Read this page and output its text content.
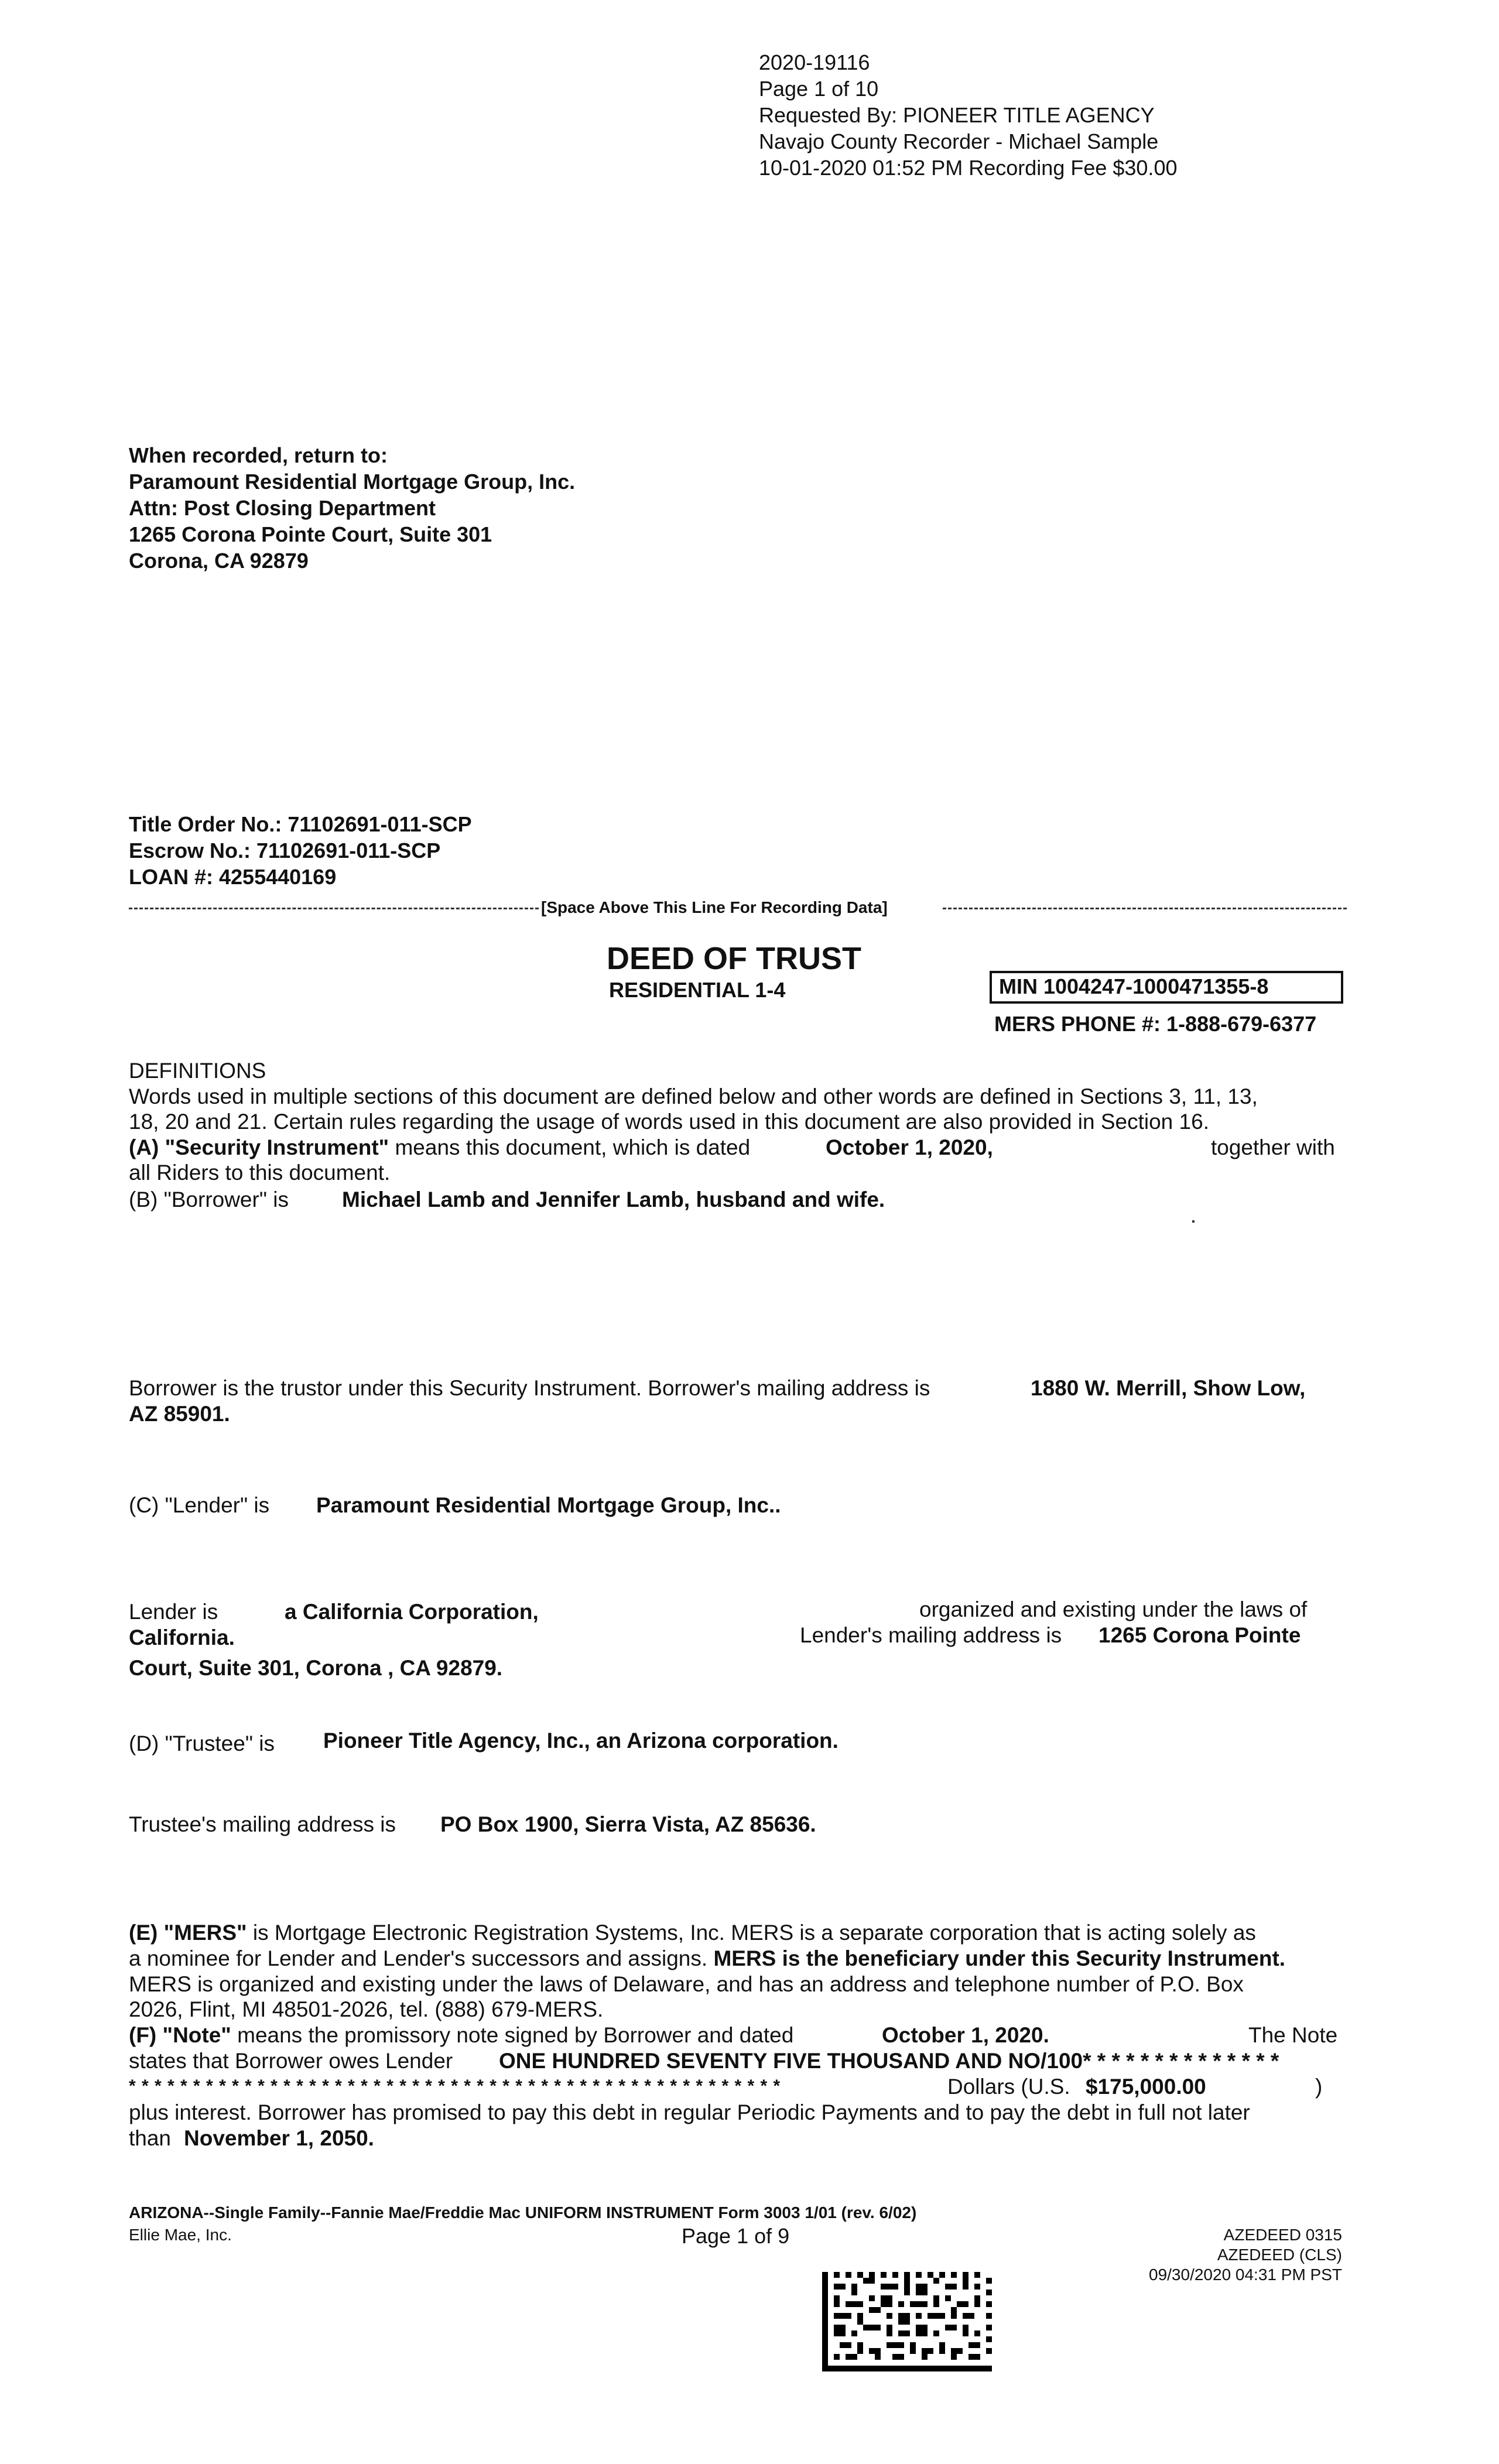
2020-19116
Page 1 of 10
Requested By: PIONEER TITLE AGENCY
Navajo County Recorder - Michael Sample
10-01-2020 01:52 PM Recording Fee $30.00
When recorded, return to:
Paramount Residential Mortgage Group, Inc.
Attn: Post Closing Department
1265 Corona Pointe Court, Suite 301
Corona, CA 92879
Title Order No.: 71102691-011-SCP
Escrow No.: 71102691-011-SCP
LOAN #: 4255440169
[Space Above This Line For Recording Data]
DEED OF TRUST
RESIDENTIAL 1-4	MIN 1004247-1000471355-8
MERS PHONE #: 1-888-679-6377
DEFINITIONS
Words used in multiple sections of this document are defined below and other words are defined in Sections 3, 11, 13,
18, 20 and 21. Certain rules regarding the usage of words used in this document are also provided in Section 16.
(A) "Security Instrument" means this document, which is dated	October 1, 2020,	together with
all Riders to this document.
(B) "Borrower" is Michael Lamb and Jennifer Lamb, husband and wife.
Borrower is the trustor under this Security Instrument. Borrower's mailing address is	1880 W. Merrill, Show Low,
AZ 85901.
(C) "Lender" is Paramount Residential Mortgage Group, Inc..
Lender is	a California Corporation,	organized and existing under the laws of
California.	Lender's mailing address is 1265 Corona Pointe
Court, Suite 301, Corona , CA 92879.
(D) "Trustee" is Pioneer Title Agency, Inc., an Arizona corporation.
Trustee's mailing address is PO Box 1900, Sierra Vista, AZ 85636.
(E) "MERS" is Mortgage Electronic Registration Systems, Inc. MERS is a separate corporation that is acting solely as
a nominee for Lender and Lender's successors and assigns. MERS is the beneficiary under this Security Instrument.
MERS is organized and existing under the laws of Delaware, and has an address and telephone number of P.O. Box
2026, Flint, MI 48501-2026, tel. (888) 679-MERS.
(F) "Note" means the promissory note signed by Borrower and dated	October 1, 2020.	The Note
states that Borrower owes Lender ONE HUNDRED SEVENTY FIVE THOUSAND AND NO/100* * * * * * * * * * * * * *
* * * * * * * * * * * * * * * * * * * * * * * * * * * * * * * * * * * * * * * * * * * * * * * * * * *	Dollars (U.S. $175,000.00	)
plus interest. Borrower has promised to pay this debt in regular Periodic Payments and to pay the debt in full not later
than November 1, 2050.
ARIZONA--Single Family--Fannie Mae/Freddie Mac UNIFORM INSTRUMENT Form 3003 1/01 (rev. 6/02)
Ellie Mae, Inc.	Page 1 of 9	AZEDEED 0315
AZEDEED (CLS)
09/30/2020 04:31 PM PST
